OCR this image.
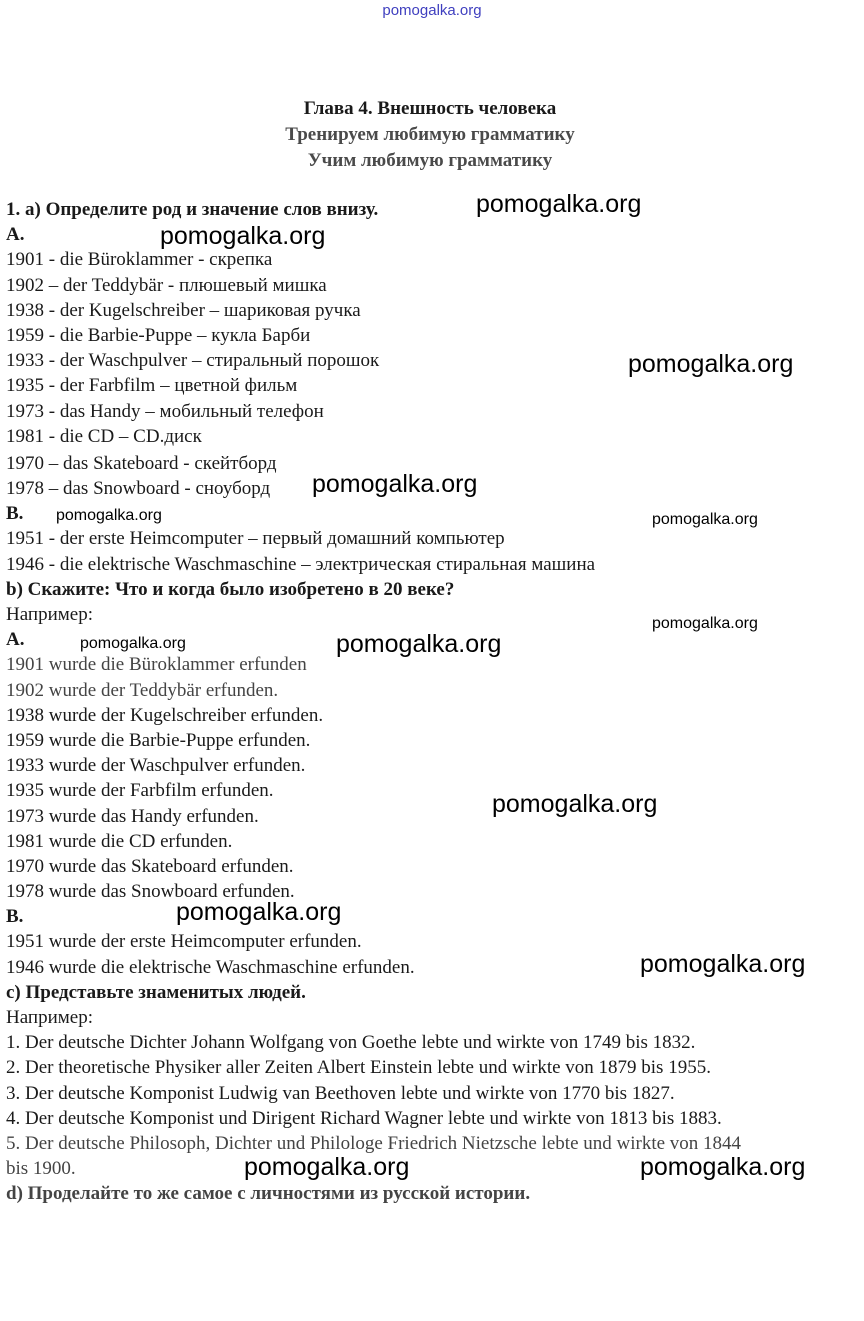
pomogalka.org
Глава 4. Внешность человека
Тренируем любимую грамматику
Учим любимую грамматику
1. a) Определите род и значение слов внизу.
A.
1901 - die Büroklammer - скрепка
1902 – der Teddybär - плюшевый мишка
1938 - der Kugelschreiber – шариковая ручка
1959 - die Barbie-Puppe – кукла Барби
1933 - der Waschpulver – стиральный порошок
1935 - der Farbfilm – цветной фильм
1973 - das Handy – мобильный телефон
1981 - die CD – CD.диск
1970 – das Skateboard - скейтборд
1978 – das Snowboard - сноуборд
B.
1951 - der erste Heimcomputer – первый домашний компьютер
1946 - die elektrische Waschmaschine – электрическая стиральная машина
b) Скажите: Что и когда было изобретено в 20 веке?
Например:
A.
1901 wurde die Büroklammer erfunden
1902 wurde der Teddybär erfunden.
1938 wurde der Kugelschreiber erfunden.
1959 wurde die Barbie-Puppe erfunden.
1933 wurde der Waschpulver erfunden.
1935 wurde der Farbfilm erfunden.
1973 wurde das Handy erfunden.
1981 wurde die CD erfunden.
1970 wurde das Skateboard erfunden.
1978 wurde das Snowboard erfunden.
B.
1951 wurde der erste Heimcomputer erfunden.
1946 wurde die elektrische Waschmaschine erfunden.
c) Представьте знаменитых людей.
Например:
1. Der deutsche Dichter Johann Wolfgang von Goethe lebte und wirkte von 1749 bis 1832.
2. Der theoretische Physiker aller Zeiten Albert Einstein lebte und wirkte von 1879 bis 1955.
3. Der deutsche Komponist Ludwig van Beethoven lebte und wirkte von 1770 bis 1827.
4. Der deutsche Komponist und Dirigent Richard Wagner lebte und wirkte von 1813 bis 1883.
5. Der deutsche Philosoph, Dichter und Philologe Friedrich Nietzsche lebte und wirkte von 1844
bis 1900.
d) Проделайте то же самое с личностями из русской истории.
pomogalka.org
pomogalka.org
pomogalka.org
pomogalka.org
pomogalka.org	pomogalka.org
pomogalka.org
pomogalka.org	pomogalka.org
pomogalka.org
pomogalka.org
pomogalka.org
pomogalka.org	pomogalka.org
